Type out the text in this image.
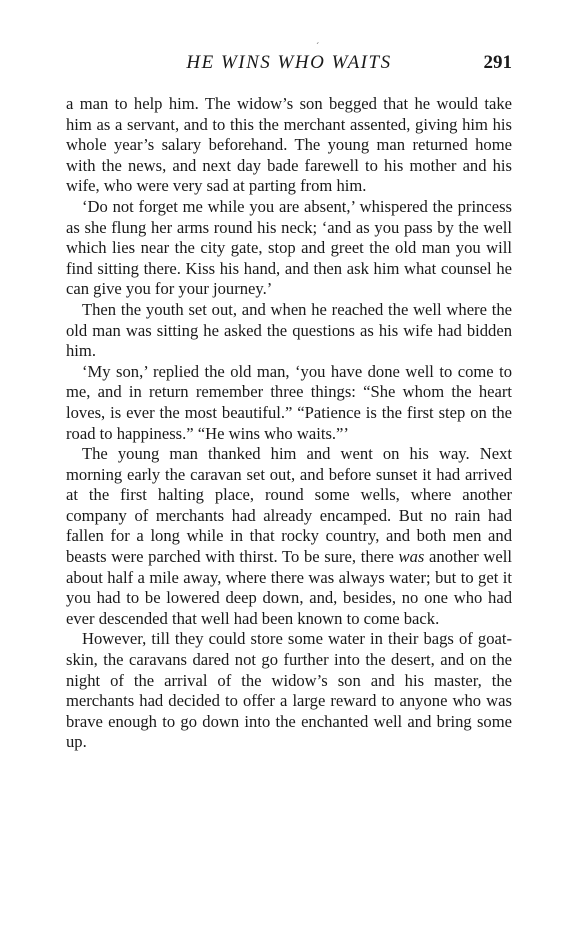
´
HE WINS WHO WAITS	291

a man to help him. The widow’s son begged that he would take him as a servant, and to this the merchant assented, giving him his whole year’s salary beforehand. The young man returned home with the news, and next day bade farewell to his mother and his wife, who were very sad at parting from him.

‘Do not forget me while you are absent,’ whispered the princess as she flung her arms round his neck; ‘and as you pass by the well which lies near the city gate, stop and greet the old man you will find sitting there. Kiss his hand, and then ask him what counsel he can give you for your journey.’

Then the youth set out, and when he reached the well where the old man was sitting he asked the questions as his wife had bidden him.

‘My son,’ replied the old man, ‘you have done well to come to me, and in return remember three things: “She whom the heart loves, is ever the most beautiful.” “Patience is the first step on the road to happiness.” “He wins who waits.”’

The young man thanked him and went on his way. Next morning early the caravan set out, and before sunset it had arrived at the first halting place, round some wells, where another company of merchants had already encamped. But no rain had fallen for a long while in that rocky country, and both men and beasts were parched with thirst. To be sure, there was another well about half a mile away, where there was always water; but to get it you had to be lowered deep down, and, besides, no one who had ever descended that well had been known to come back.

However, till they could store some water in their bags of goat-skin, the caravans dared not go further into the desert, and on the night of the arrival of the widow’s son and his master, the merchants had decided to offer a large reward to anyone who was brave enough to go down into the enchanted well and bring some up.
